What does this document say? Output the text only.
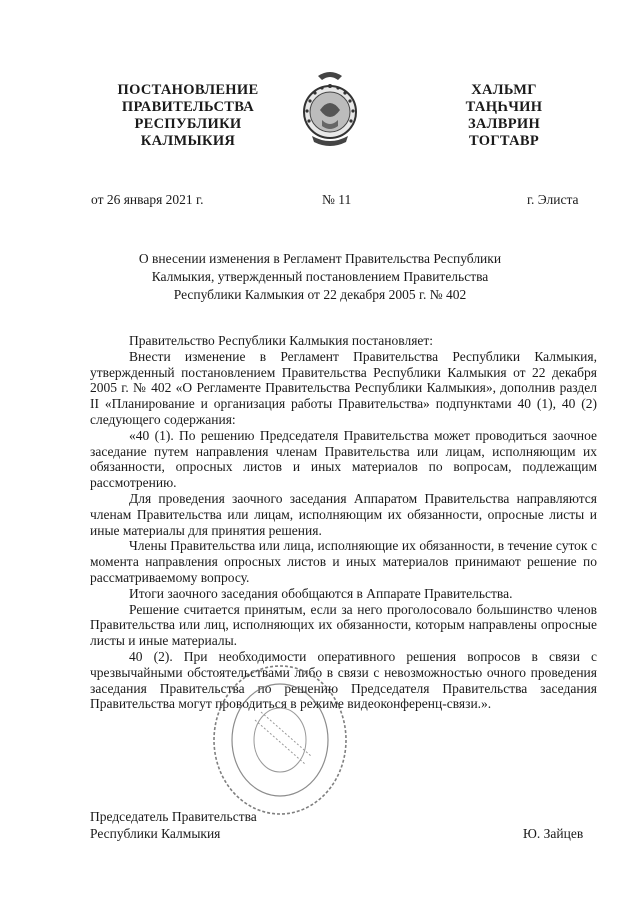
ПОСТАНОВЛЕНИЕ
ПРАВИТЕЛЬСТВА
РЕСПУБЛИКИ
КАЛМЫКИЯ
ХАЛЬМГ
ТАҢҺЧИН
ЗАЛВРИН
ТОГТАВР
от 26 января 2021 г.	№ 11	г. Элиста
О внесении изменения в Регламент Правительства Республики
Калмыкия, утвержденный постановлением Правительства
Республики Калмыкия от 22 декабря 2005 г. № 402

Правительство Республики Калмыкия постановляет:

Внести изменение в Регламент Правительства Республики Калмыкия, утвержденный постановлением Правительства Республики Калмыкия от 22 декабря 2005 г. № 402 «О Регламенте Правительства Республики Калмыкия», дополнив раздел II «Планирование и организация работы Правительства» подпунктами 40 (1), 40 (2) следующего содержания:

«40 (1). По решению Председателя Правительства может проводиться заочное заседание путем направления членам Правительства или лицам, исполняющим их обязанности, опросных листов и иных материалов по вопросам, подлежащим рассмотрению.

Для проведения заочного заседания Аппаратом Правительства направляются членам Правительства или лицам, исполняющим их обязанности, опросные листы и иные материалы для принятия решения.

Члены Правительства или лица, исполняющие их обязанности, в течение суток с момента направления опросных листов и иных материалов принимают решение по рассматриваемому вопросу.

Итоги заочного заседания обобщаются в Аппарате Правительства.

Решение считается принятым, если за него проголосовало большинство членов Правительства или лиц, исполняющих их обязанности, которым направлены опросные листы и иные материалы.

40 (2). При необходимости оперативного решения вопросов в связи с чрезвычайными обстоятельствами либо в связи с невозможностью очного проведения заседания Правительства по решению Председателя Правительства заседания Правительства могут проводиться в режиме видеоконференц-связи.».

Председатель Правительства
Республики Калмыкия	Ю. Зайцев
